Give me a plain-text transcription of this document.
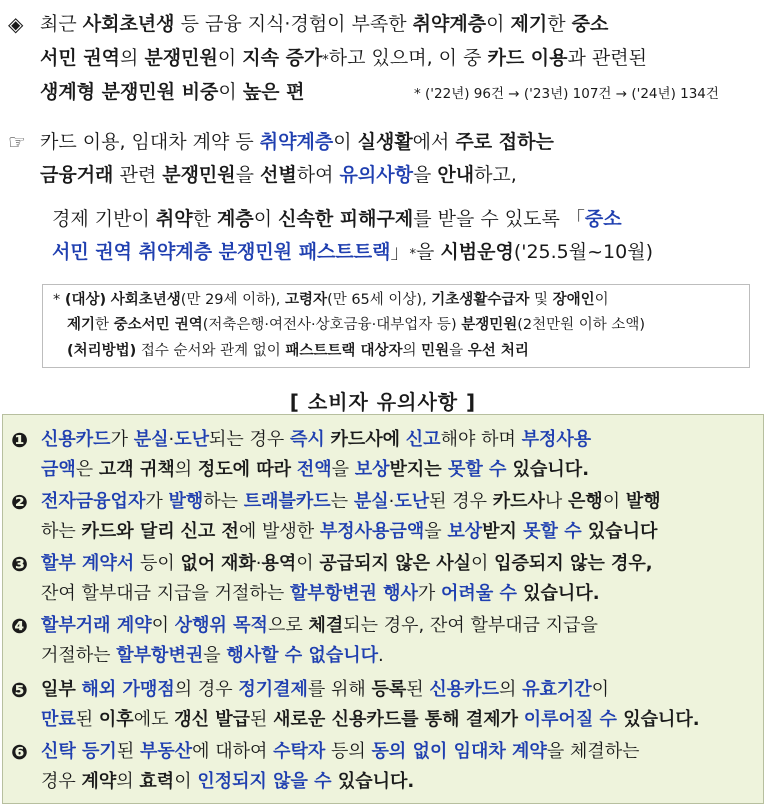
◈ 최근 사회초년생 등 금융 지식·경험이 부족한 취약계층이 제기한 중소
서민 권역의 분쟁민원이 지속 증가*하고 있으며, 이 중 카드 이용과 관련된
생계형 분쟁민원 비중이 높은 편	* ('22년) 96건 → ('23년) 107건 → ('24년) 134건
☞ 카드 이용, 임대차 계약 등 취약계층이 실생활에서 주로 접하는
금융거래 관련 분쟁민원을 선별하여 유의사항을 안내하고,
경제 기반이 취약한 계층이 신속한 피해구제를 받을 수 있도록 「중소
서민 권역 취약계층 분쟁민원 패스트트랙」*을 시범운영('25.5월~10월)
* (대상) 사회초년생(만 29세 이하), 고령자(만 65세 이상), 기초생활수급자 및 장애인이
제기한 중소서민 권역(저축은행·여전사·상호금융·대부업자 등) 분쟁민원(2천만원 이하 소액)
(처리방법) 접수 순서와 관계 없이 패스트트랙 대상자의 민원을 우선 처리
[ 소비자 유의사항 ]
❶ 신용카드가 분실·도난되는 경우 즉시 카드사에 신고해야 하며 부정사용
금액은 고객 귀책의 정도에 따라 전액을 보상받지는 못할 수 있습니다.
❷ 전자금융업자가 발행하는 트래블카드는 분실·도난된 경우 카드사나 은행이 발행
하는 카드와 달리 신고 전에 발생한 부정사용금액을 보상받지 못할 수 있습니다
❸ 할부 계약서 등이 없어 재화·용역이 공급되지 않은 사실이 입증되지 않는 경우,
잔여 할부대금 지급을 거절하는 할부항변권 행사가 어려울 수 있습니다.
❹ 할부거래 계약이 상행위 목적으로 체결되는 경우, 잔여 할부대금 지급을
거절하는 할부항변권을 행사할 수 없습니다.
❺ 일부 해외 가맹점의 경우 정기결제를 위해 등록된 신용카드의 유효기간이
만료된 이후에도 갱신 발급된 새로운 신용카드를 통해 결제가 이루어질 수 있습니다.
❻ 신탁 등기된 부동산에 대하여 수탁자 등의 동의 없이 임대차 계약을 체결하는
경우 계약의 효력이 인정되지 않을 수 있습니다.
